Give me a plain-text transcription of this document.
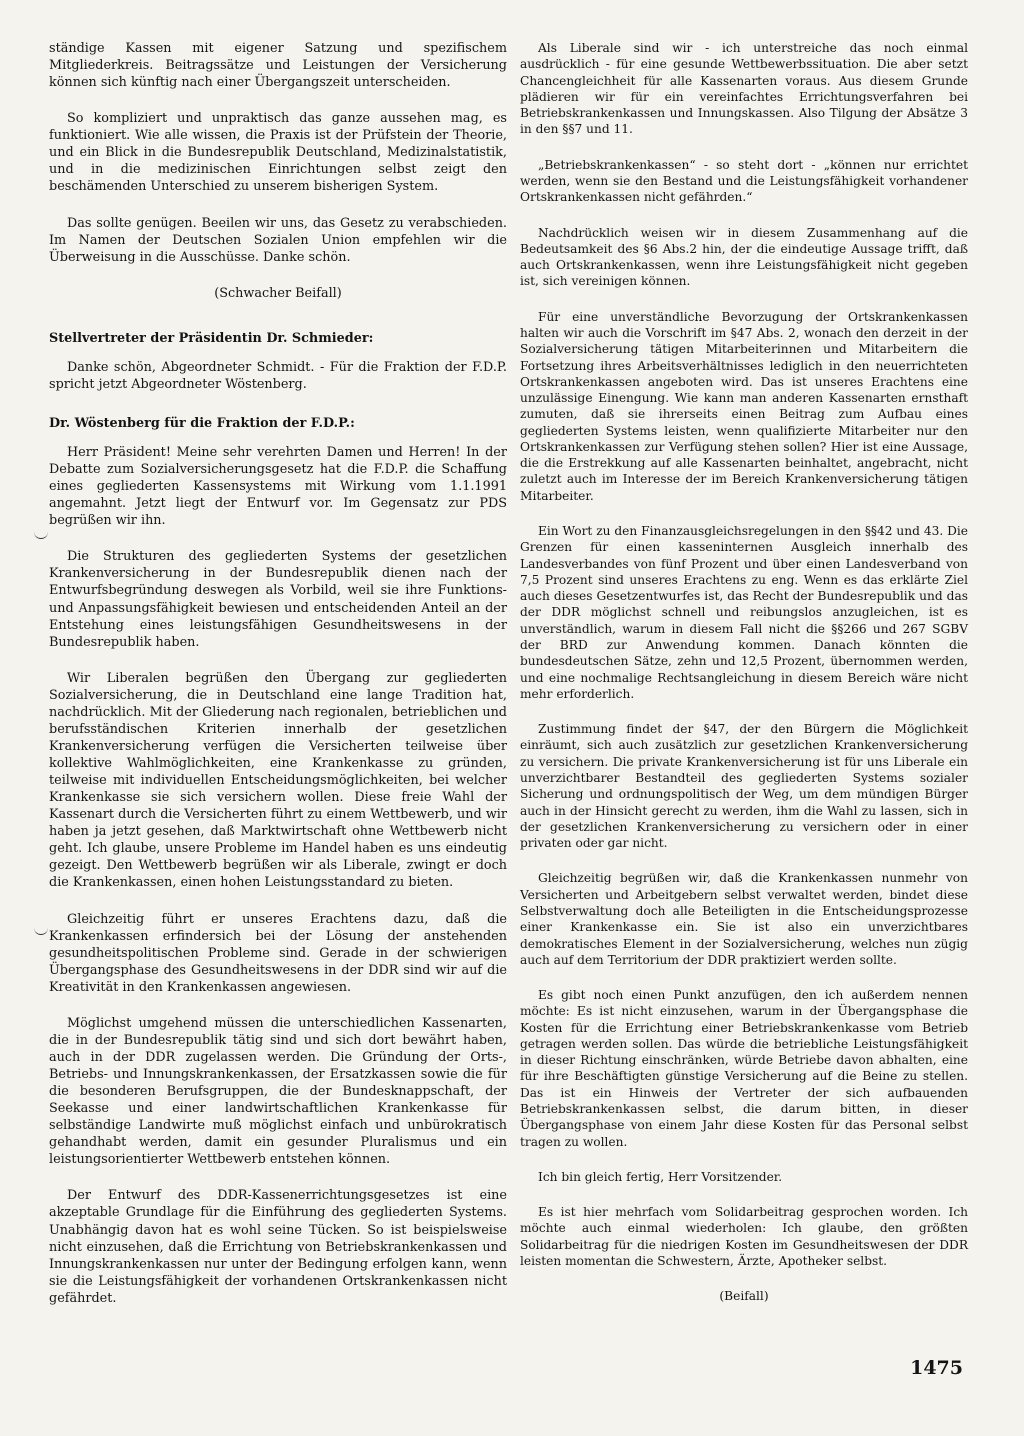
ständige Kassen mit eigener Satzung und spezifischem Mitgliederkreis. Beitragssätze und Leistungen der Versicherung können sich künftig nach einer Übergangszeit unterscheiden.

So kompliziert und unpraktisch das ganze aussehen mag, es funktioniert. Wie alle wissen, die Praxis ist der Prüfstein der Theorie, und ein Blick in die Bundesrepublik Deutschland, Medizinalstatistik, und in die medizinischen Einrichtungen selbst zeigt den beschämenden Unterschied zu unserem bisherigen System.

Das sollte genügen. Beeilen wir uns, das Gesetz zu verabschieden. Im Namen der Deutschen Sozialen Union empfehlen wir die Überweisung in die Ausschüsse. Danke schön.

(Schwacher Beifall)
Stellvertreter der Präsidentin Dr. Schmieder:

Danke schön, Abgeordneter Schmidt. - Für die Fraktion der F.D.P. spricht jetzt Abgeordneter Wöstenberg.

Dr. Wöstenberg für die Fraktion der F.D.P.:

Herr Präsident! Meine sehr verehrten Damen und Herren! In der Debatte zum Sozialversicherungsgesetz hat die F.D.P. die Schaffung eines gegliederten Kassensystems mit Wirkung vom 1.1.1991 angemahnt. Jetzt liegt der Entwurf vor. Im Gegensatz zur PDS begrüßen wir ihn.

Die Strukturen des gegliederten Systems der gesetzlichen Krankenversicherung in der Bundesrepublik dienen nach der Entwurfsbegründung deswegen als Vorbild, weil sie ihre Funktions- und Anpassungsfähigkeit bewiesen und entscheidenden Anteil an der Entstehung eines leistungsfähigen Gesundheitswesens in der Bundesrepublik haben.

Wir Liberalen begrüßen den Übergang zur gegliederten Sozialversicherung, die in Deutschland eine lange Tradition hat, nachdrücklich. Mit der Gliederung nach regionalen, betrieblichen und berufsständischen Kriterien innerhalb der gesetzlichen Krankenversicherung verfügen die Versicherten teilweise über kollektive Wahlmöglichkeiten, eine Krankenkasse zu gründen, teilweise mit individuellen Entscheidungsmöglichkeiten, bei welcher Krankenkasse sie sich versichern wollen. Diese freie Wahl der Kassenart durch die Versicherten führt zu einem Wettbewerb, und wir haben ja jetzt gesehen, daß Marktwirtschaft ohne Wettbewerb nicht geht. Ich glaube, unsere Probleme im Handel haben es uns eindeutig gezeigt. Den Wettbewerb begrüßen wir als Liberale, zwingt er doch die Krankenkassen, einen hohen Leistungsstandard zu bieten.

Gleichzeitig führt er unseres Erachtens dazu, daß die Krankenkassen erfindersich bei der Lösung der anstehenden gesundheitspolitischen Probleme sind. Gerade in der schwierigen Übergangsphase des Gesundheitswesens in der DDR sind wir auf die Kreativität in den Krankenkassen angewiesen.

Möglichst umgehend müssen die unterschiedlichen Kassenarten, die in der Bundesrepublik tätig sind und sich dort bewährt haben, auch in der DDR zugelassen werden. Die Gründung der Orts-, Betriebs- und Innungskrankenkassen, der Ersatzkassen sowie die für die besonderen Berufsgruppen, die der Bundesknappschaft, der Seekasse und einer landwirtschaftlichen Krankenkasse für selbständige Landwirte muß möglichst einfach und unbürokratisch gehandhabt werden, damit ein gesunder Pluralismus und ein leistungsorientierter Wettbewerb entstehen können.

Der Entwurf des DDR-Kassenerrichtungsgesetzes ist eine akzeptable Grundlage für die Einführung des gegliederten Systems. Unabhängig davon hat es wohl seine Tücken. So ist beispielsweise nicht einzusehen, daß die Errichtung von Betriebskrankenkassen und Innungskrankenkassen nur unter der Bedingung erfolgen kann, wenn sie die Leistungsfähigkeit der vorhandenen Ortskrankenkassen nicht gefährdet.

Als Liberale sind wir - ich unterstreiche das noch einmal ausdrücklich - für eine gesunde Wettbewerbssituation. Die aber setzt Chancengleichheit für alle Kassenarten voraus. Aus diesem Grunde plädieren wir für ein vereinfachtes Errichtungsverfahren bei Betriebskrankenkassen und Innungskassen. Also Tilgung der Absätze 3 in den §§7 und 11.

„Betriebskrankenkassen“ - so steht dort - „können nur errichtet werden, wenn sie den Bestand und die Leistungsfähigkeit vorhandener Ortskrankenkassen nicht gefährden.“

Nachdrücklich weisen wir in diesem Zusammenhang auf die Bedeutsamkeit des §6 Abs.2 hin, der die eindeutige Aussage trifft, daß auch Ortskrankenkassen, wenn ihre Leistungsfähigkeit nicht gegeben ist, sich vereinigen können.

Für eine unverständliche Bevorzugung der Ortskrankenkassen halten wir auch die Vorschrift im §47 Abs. 2, wonach den derzeit in der Sozialversicherung tätigen Mitarbeiterinnen und Mitarbeitern die Fortsetzung ihres Arbeitsverhältnisses lediglich in den neuerrichteten Ortskrankenkassen angeboten wird. Das ist unseres Erachtens eine unzulässige Einengung. Wie kann man anderen Kassenarten ernsthaft zumuten, daß sie ihrerseits einen Beitrag zum Aufbau eines gegliederten Systems leisten, wenn qualifizierte Mitarbeiter nur den Ortskrankenkassen zur Verfügung stehen sollen? Hier ist eine Aussage, die die Erstrekkung auf alle Kassenarten beinhaltet, angebracht, nicht zuletzt auch im Interesse der im Bereich Krankenversicherung tätigen Mitarbeiter.

Ein Wort zu den Finanzausgleichsregelungen in den §§42 und 43. Die Grenzen für einen kasseninternen Ausgleich innerhalb des Landesverbandes von fünf Prozent und über einen Landesverband von 7,5 Prozent sind unseres Erachtens zu eng. Wenn es das erklärte Ziel auch dieses Gesetzentwurfes ist, das Recht der Bundesrepublik und das der DDR möglichst schnell und reibungslos anzugleichen, ist es unverständlich, warum in diesem Fall nicht die §§266 und 267 SGBV der BRD zur Anwendung kommen. Danach könnten die bundesdeutschen Sätze, zehn und 12,5 Prozent, übernommen werden, und eine nochmalige Rechtsangleichung in diesem Bereich wäre nicht mehr erforderlich.

Zustimmung findet der §47, der den Bürgern die Möglichkeit einräumt, sich auch zusätzlich zur gesetzlichen Krankenversicherung zu versichern. Die private Krankenversicherung ist für uns Liberale ein unverzichtbarer Bestandteil des gegliederten Systems sozialer Sicherung und ordnungspolitisch der Weg, um dem mündigen Bürger auch in der Hinsicht gerecht zu werden, ihm die Wahl zu lassen, sich in der gesetzlichen Krankenversicherung zu versichern oder in einer privaten oder gar nicht.

Gleichzeitig begrüßen wir, daß die Krankenkassen nunmehr von Versicherten und Arbeitgebern selbst verwaltet werden, bindet diese Selbstverwaltung doch alle Beteiligten in die Entscheidungsprozesse einer Krankenkasse ein. Sie ist also ein unverzichtbares demokratisches Element in der Sozialversicherung, welches nun zügig auch auf dem Territorium der DDR praktiziert werden sollte.

Es gibt noch einen Punkt anzufügen, den ich außerdem nennen möchte: Es ist nicht einzusehen, warum in der Übergangsphase die Kosten für die Errichtung einer Betriebskrankenkasse vom Betrieb getragen werden sollen. Das würde die betriebliche Leistungsfähigkeit in dieser Richtung einschränken, würde Betriebe davon abhalten, eine für ihre Beschäftigten günstige Versicherung auf die Beine zu stellen. Das ist ein Hinweis der Vertreter der sich aufbauenden Betriebskrankenkassen selbst, die darum bitten, in dieser Übergangsphase von einem Jahr diese Kosten für das Personal selbst tragen zu wollen.

Ich bin gleich fertig, Herr Vorsitzender.

Es ist hier mehrfach vom Solidarbeitrag gesprochen worden. Ich möchte auch einmal wiederholen: Ich glaube, den größten Solidarbeitrag für die niedrigen Kosten im Gesundheitswesen der DDR leisten momentan die Schwestern, Ärzte, Apotheker selbst.

(Beifall)
1475
